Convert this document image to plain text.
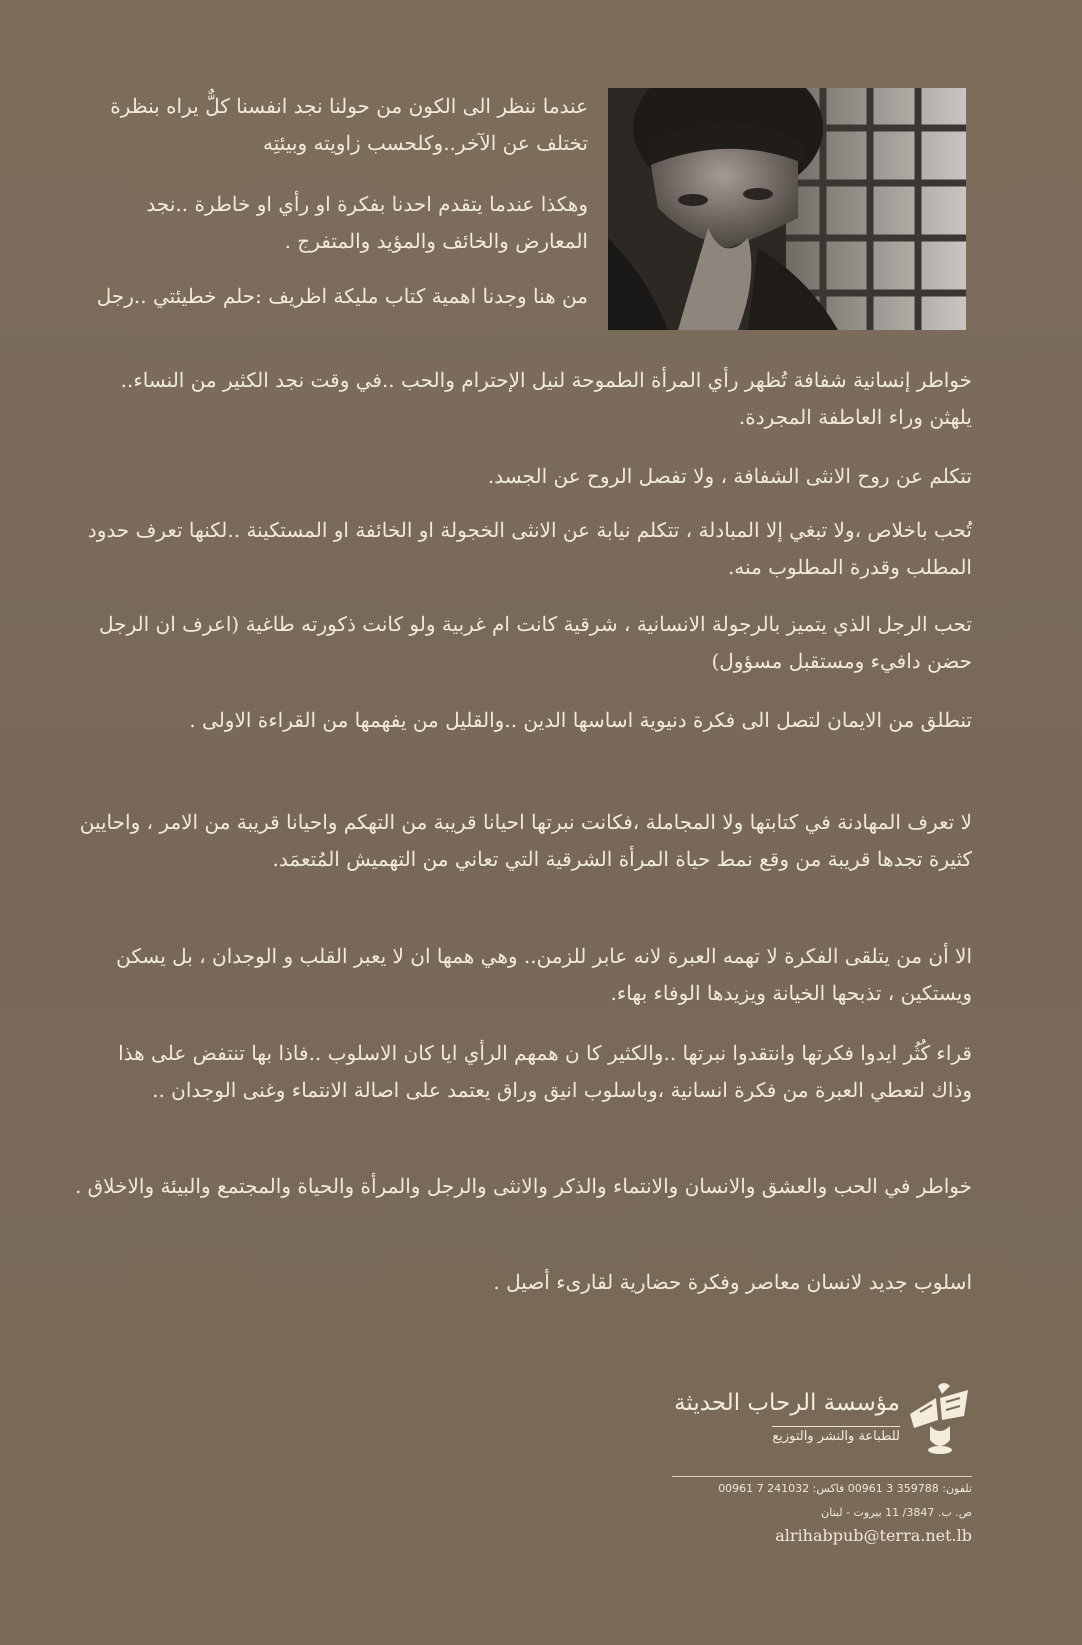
عندما ننظر الى الكون من حولنا نجد انفسنا كلٌّ يراه بنظرة تختلف عن الآخر..وكلحسب زاويته وبيئتِه

وهكذا عندما يتقدم احدنا بفكرة او رأي او خاطرة ..نجد المعارض والخائف والمؤيد والمتفرج .

من هنا وجدنا اهمية كتاب مليكة اظريف :حلم خطيئتي ..رجل

خواطر إنسانية شفافة تُظهر رأي المرأة الطموحة لنيل الإحترام والحب ..في وقت نجد الكثير من النساء.. يلهثن وراء العاطفة المجردة.

تتكلم عن روح الانثى الشفافة ، ولا تفصل الروح عن الجسد.

تُحب باخلاص ،ولا تبغي إلا المبادلة ، تتكلم نيابة عن الانثى الخجولة او الخائفة او المستكينة ..لكنها تعرف حدود المطلب وقدرة المطلوب منه.

تحب الرجل الذي يتميز بالرجولة الانسانية ، شرقية كانت ام غربية ولو كانت ذكورته طاغية (اعرف ان الرجل حضن دافيء ومستقبل مسؤول)

تنطلق من الايمان لتصل الى فكرة دنيوية اساسها الدين ..والقليل من يفهمها من القراءة الاولى .

لا تعرف المهادنة في كتابتها ولا المجاملة ،فكانت نبرتها احيانا قريبة من التهكم واحيانا قريبة من الامر ، واحايين كثيرة تجدها قريبة من وقع نمط حياة المرأة الشرقية التي تعاني من التهميش المُتعمَد.

الا أن من يتلقى الفكرة لا تهمه العبرة لانه عابر للزمن.. وهي همها ان لا يعبر القلب و الوجدان ، بل يسكن ويستكين ، تذبحها الخيانة ويزيدها الوفاء بهاء.

قراء كُثُر ايدوا فكرتها وانتقدوا نبرتها ..والكثير كا ن همهم الرأي ايا كان الاسلوب ..فاذا بها تنتفض على هذا وذاك لتعطي العبرة من فكرة انسانية ،وباسلوب انيق وراق يعتمد على اصالة الانتماء وغنى الوجدان ..

خواطر في الحب والعشق والانسان والانتماء والذكر والانثى والرجل والمرأة والحياة والمجتمع والبيئة والاخلاق .

اسلوب جديد لانسان معاصر وفكرة حضارية لقارىء أصيل .

مؤسسة الرحاب الحديثة
للطباعة والنشر والتوزيع

تلفون: 359788 3 00961 فاكس: 241032 7 00961

ص. ب. 3847/ 11 بيروت - لبنان

alrihabpub@terra.net.lb
